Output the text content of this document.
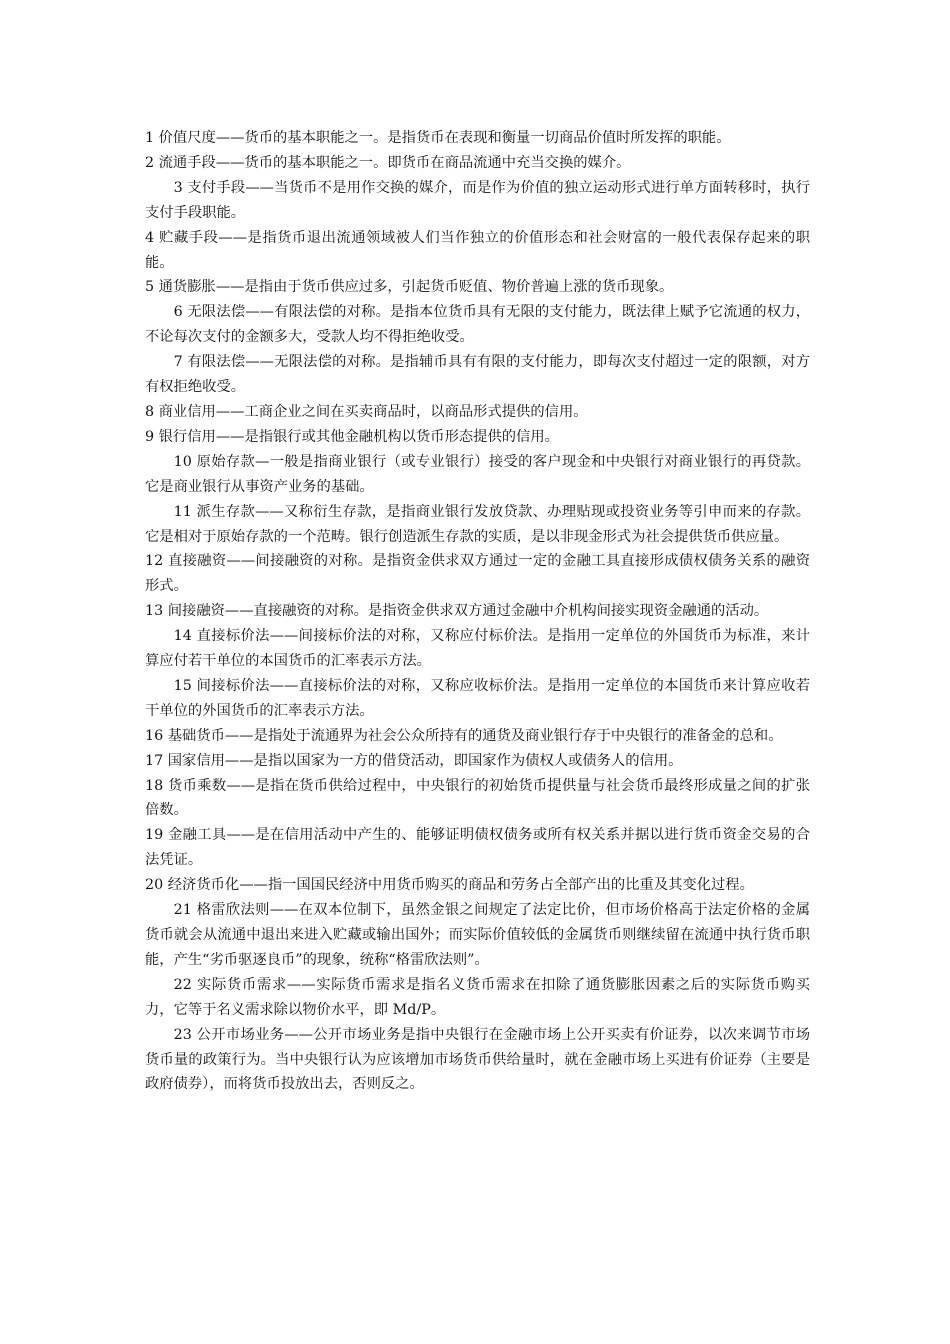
1 价值尺度——货币的基本职能之一。是指货币在表现和衡量一切商品价值时所发挥的职能。

2 流通手段——货币的基本职能之一。即货币在商品流通中充当交换的媒介。

3 支付手段——当货币不是用作交换的媒介，而是作为价值的独立运动形式进行单方面转移时，执行支付手段职能。

4 贮藏手段——是指货币退出流通领域被人们当作独立的价值形态和社会财富的一般代表保存起来的职能。

5 通货膨胀——是指由于货币供应过多，引起货币贬值、物价普遍上涨的货币现象。

6 无限法偿——有限法偿的对称。是指本位货币具有无限的支付能力，既法律上赋予它流通的权力，不论每次支付的金额多大，受款人均不得拒绝收受。

7 有限法偿——无限法偿的对称。是指辅币具有有限的支付能力，即每次支付超过一定的限额，对方有权拒绝收受。

8 商业信用——工商企业之间在买卖商品时，以商品形式提供的信用。

9 银行信用——是指银行或其他金融机构以货币形态提供的信用。

10 原始存款—一般是指商业银行（或专业银行）接受的客户现金和中央银行对商业银行的再贷款。它是商业银行从事资产业务的基础。

11 派生存款——又称衍生存款，是指商业银行发放贷款、办理贴现或投资业务等引申而来的存款。它是相对于原始存款的一个范畴。银行创造派生存款的实质，是以非现金形式为社会提供货币供应量。

12 直接融资——间接融资的对称。是指资金供求双方通过一定的金融工具直接形成债权债务关系的融资形式。

13 间接融资——直接融资的对称。是指资金供求双方通过金融中介机构间接实现资金融通的活动。

14 直接标价法——间接标价法的对称，又称应付标价法。是指用一定单位的外国货币为标准，来计算应付若干单位的本国货币的汇率表示方法。

15 间接标价法——直接标价法的对称，又称应收标价法。是指用一定单位的本国货币来计算应收若干单位的外国货币的汇率表示方法。

16 基础货币——是指处于流通界为社会公众所持有的通货及商业银行存于中央银行的准备金的总和。

17 国家信用——是指以国家为一方的借贷活动，即国家作为债权人或债务人的信用。

18 货币乘数——是指在货币供给过程中，中央银行的初始货币提供量与社会货币最终形成量之间的扩张倍数。

19 金融工具——是在信用活动中产生的、能够证明债权债务或所有权关系并据以进行货币资金交易的合法凭证。

20 经济货币化——指一国国民经济中用货币购买的商品和劳务占全部产出的比重及其变化过程。

21 格雷欣法则——在双本位制下，虽然金银之间规定了法定比价，但市场价格高于法定价格的金属货币就会从流通中退出来进入贮藏或输出国外；而实际价值较低的金属货币则继续留在流通中执行货币职能，产生“劣币驱逐良币”的现象，统称“格雷欣法则”。

22 实际货币需求——实际货币需求是指名义货币需求在扣除了通货膨胀因素之后的实际货币购买力，它等于名义需求除以物价水平，即 Md/P。

23 公开市场业务——公开市场业务是指中央银行在金融市场上公开买卖有价证券，以次来调节市场货币量的政策行为。当中央银行认为应该增加市场货币供给量时，就在金融市场上买进有价证券（主要是政府债券），而将货币投放出去，否则反之。
